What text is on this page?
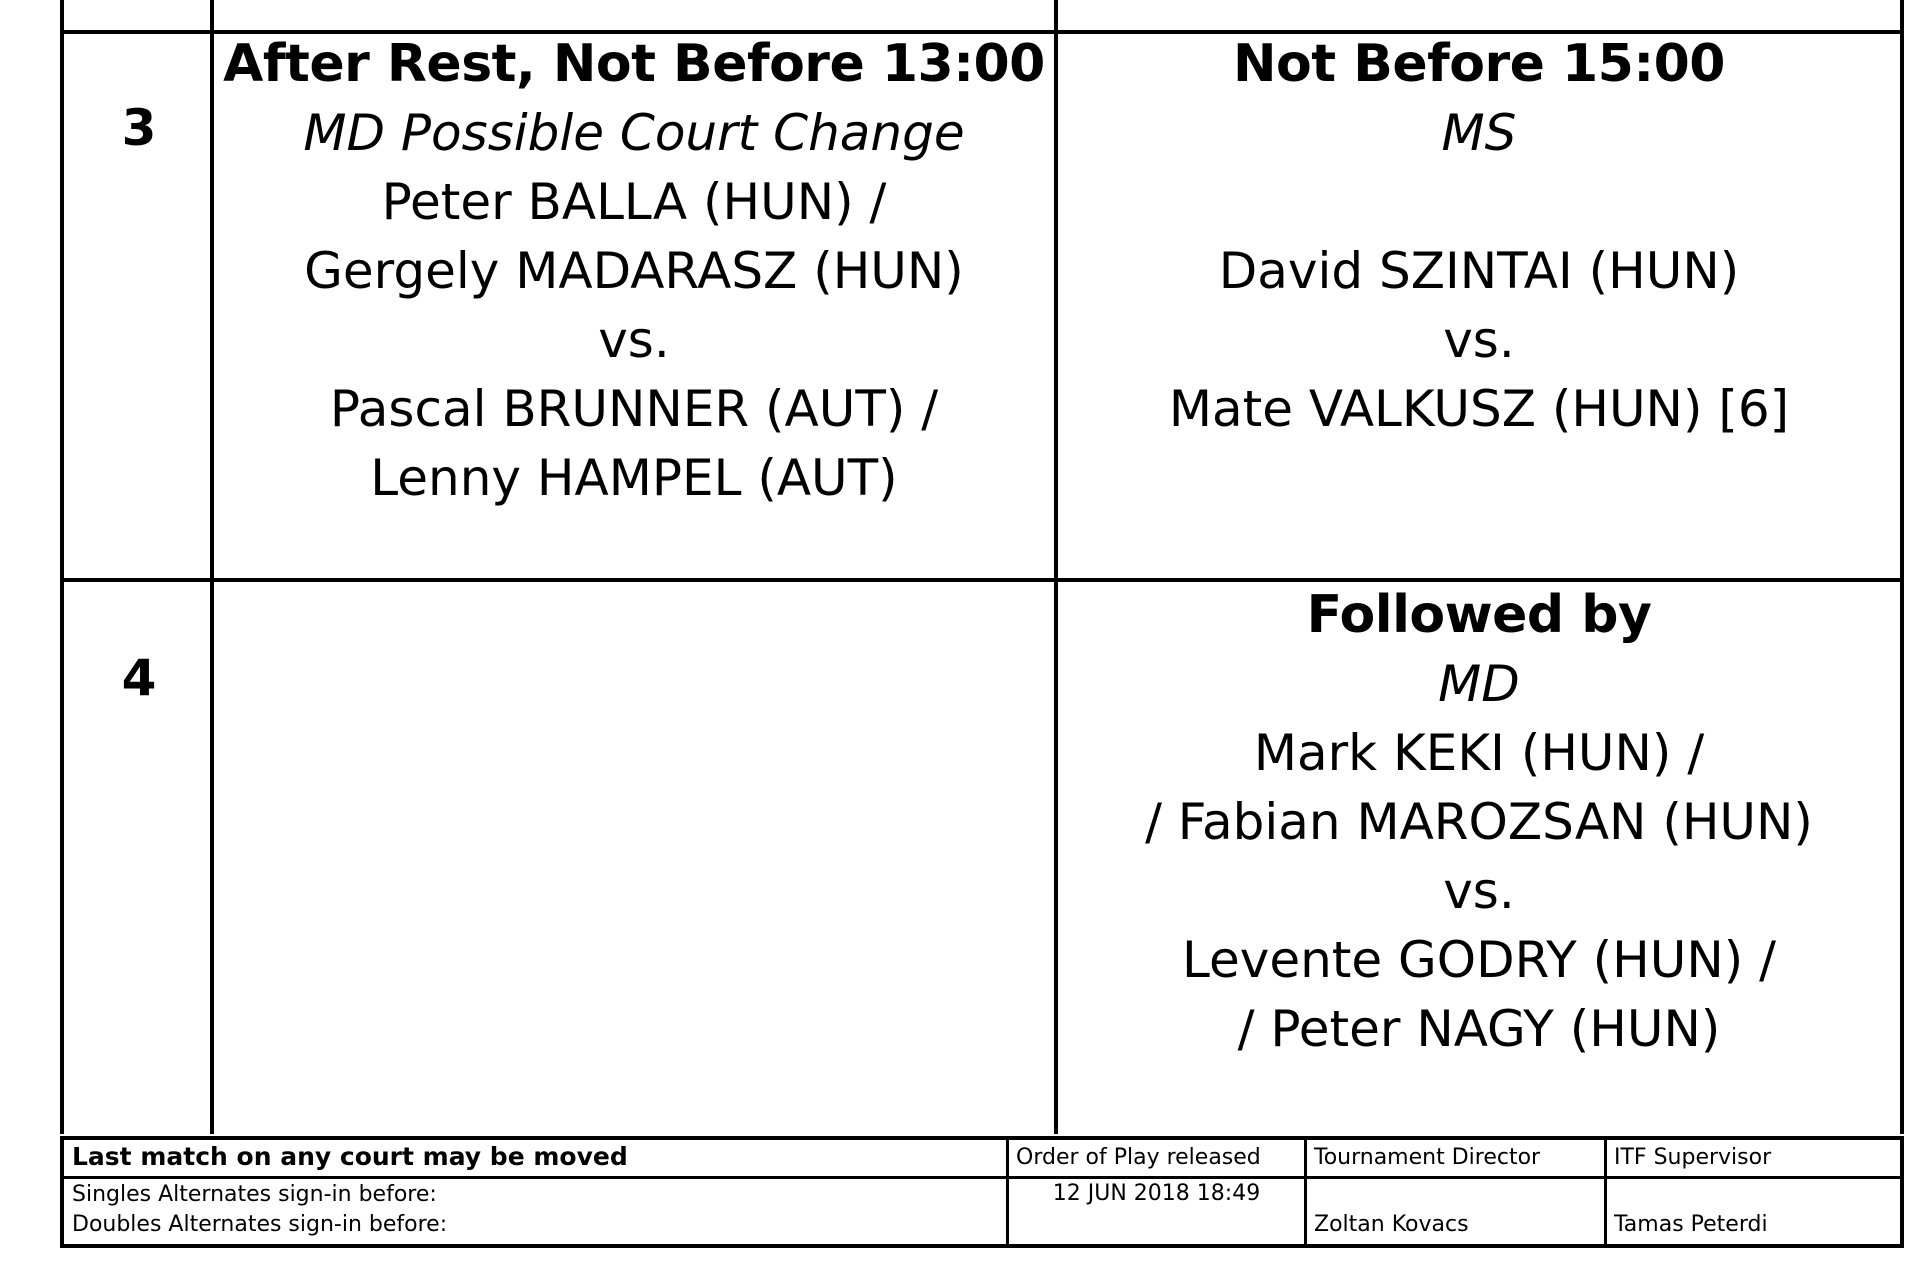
3
After Rest, Not Before 13:00
MD Possible Court Change
Peter BALLA (HUN) /
Gergely MADARASZ (HUN)
vs.
Pascal BRUNNER (AUT) /
Lenny HAMPEL (AUT)
Not Before 15:00
MS
David SZINTAI (HUN)
vs.
Mate VALKUSZ (HUN) [6]
4
Followed by
MD
Mark KEKI (HUN) /
/ Fabian MAROZSAN (HUN)
vs.
Levente GODRY (HUN) /
/ Peter NAGY (HUN)
Last match on any court may be moved
Singles Alternates sign-in before:
Doubles Alternates sign-in before:
Order of Play released
12 JUN 2018 18:49
Tournament Director
Zoltan Kovacs
ITF Supervisor
Tamas Peterdi
